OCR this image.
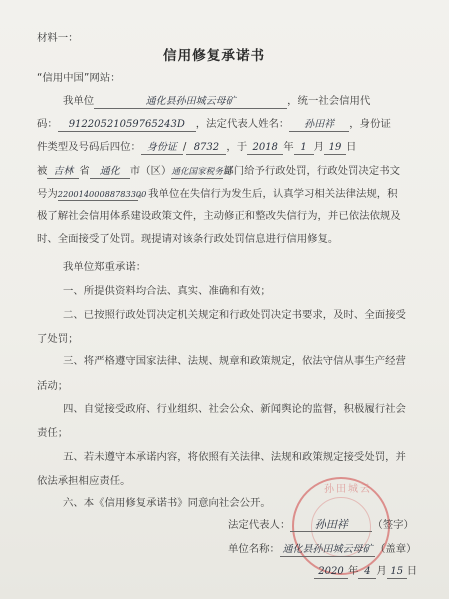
孙田城云
材料一：
信用修复承诺书
“信用中国”网站：
我单位	通化县孙田城云母矿	，统一社会信用代
码： 91220521059765243D ，法定代表人姓名： 孙田祥 ，身份证
件类型及号码后四位： 身份证 / 8732 ，于 2018 年 1 月 19 日
被 吉林 省 通化 市（区）通化国家税务局部门给予行政处罚，行政处罚决定书文
号为22001400088783300。我单位在失信行为发生后，认真学习相关法律法规，积
极了解社会信用体系建设政策文件，主动修正和整改失信行为，并已依法依规及
时、全面接受了处罚。现提请对该条行政处罚信息进行信用修复。
我单位郑重承诺：
一、所提供资料均合法、真实、准确和有效；
二、已按照行政处罚决定机关规定和行政处罚决定书要求，及时、全面接受
了处罚；
三、将严格遵守国家法律、法规、规章和政策规定，依法守信从事生产经营
活动；
四、自觉接受政府、行业组织、社会公众、新闻舆论的监督，积极履行社会
责任；
五、若未遵守本承诺内容，将依照有关法律、法规和政策规定接受处罚，并
依法承担相应责任。
六、本《信用修复承诺书》同意向社会公开。
法定代表人： 孙田祥 （签字）
单位名称： 通化县孙田城云母矿 （盖章）
2020 年 4 月 15 日
